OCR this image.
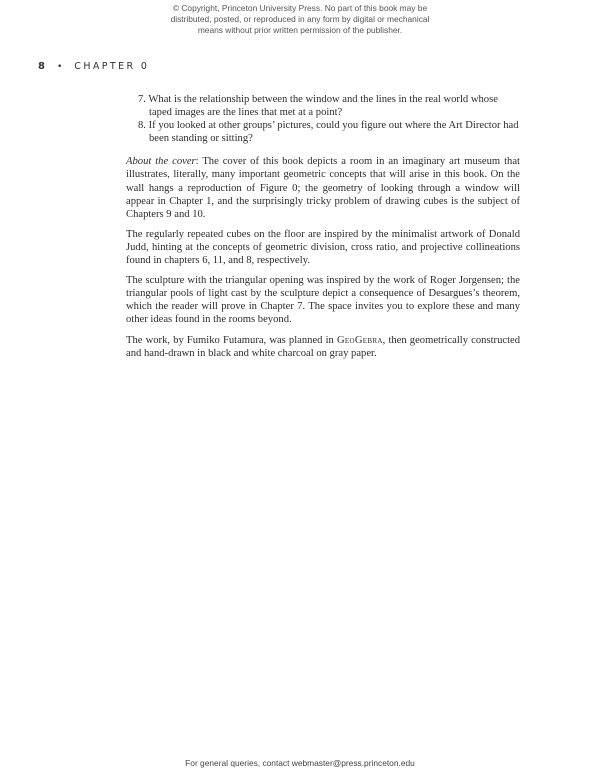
© Copyright, Princeton University Press. No part of this book may be
distributed, posted, or reproduced in any form by digital or mechanical
means without prior written permission of the publisher.
8 • CHAPTER 0
7. What is the relationship between the window and the lines in the real world whose taped images are the lines that met at a point?
8. If you looked at other groups’ pictures, could you figure out where the Art Director had been standing or sitting?

About the cover: The cover of this book depicts a room in an imaginary art museum that illustrates, literally, many important geometric concepts that will arise in this book. On the wall hangs a reproduction of Figure 0; the geometry of looking through a window will appear in Chapter 1, and the surprisingly tricky problem of drawing cubes is the subject of Chapters 9 and 10.

The regularly repeated cubes on the floor are inspired by the minimalist artwork of Donald Judd, hinting at the concepts of geometric division, cross ratio, and projective collineations found in chapters 6, 11, and 8, respectively.

The sculpture with the triangular opening was inspired by the work of Roger Jorgensen; the triangular pools of light cast by the sculpture depict a consequence of Desargues’s theorem, which the reader will prove in Chapter 7. The space invites you to explore these and many other ideas found in the rooms beyond.

The work, by Fumiko Futamura, was planned in GeoGebra, then geometrically constructed and hand-drawn in black and white charcoal on gray paper.

For general queries, contact webmaster@press.princeton.edu
